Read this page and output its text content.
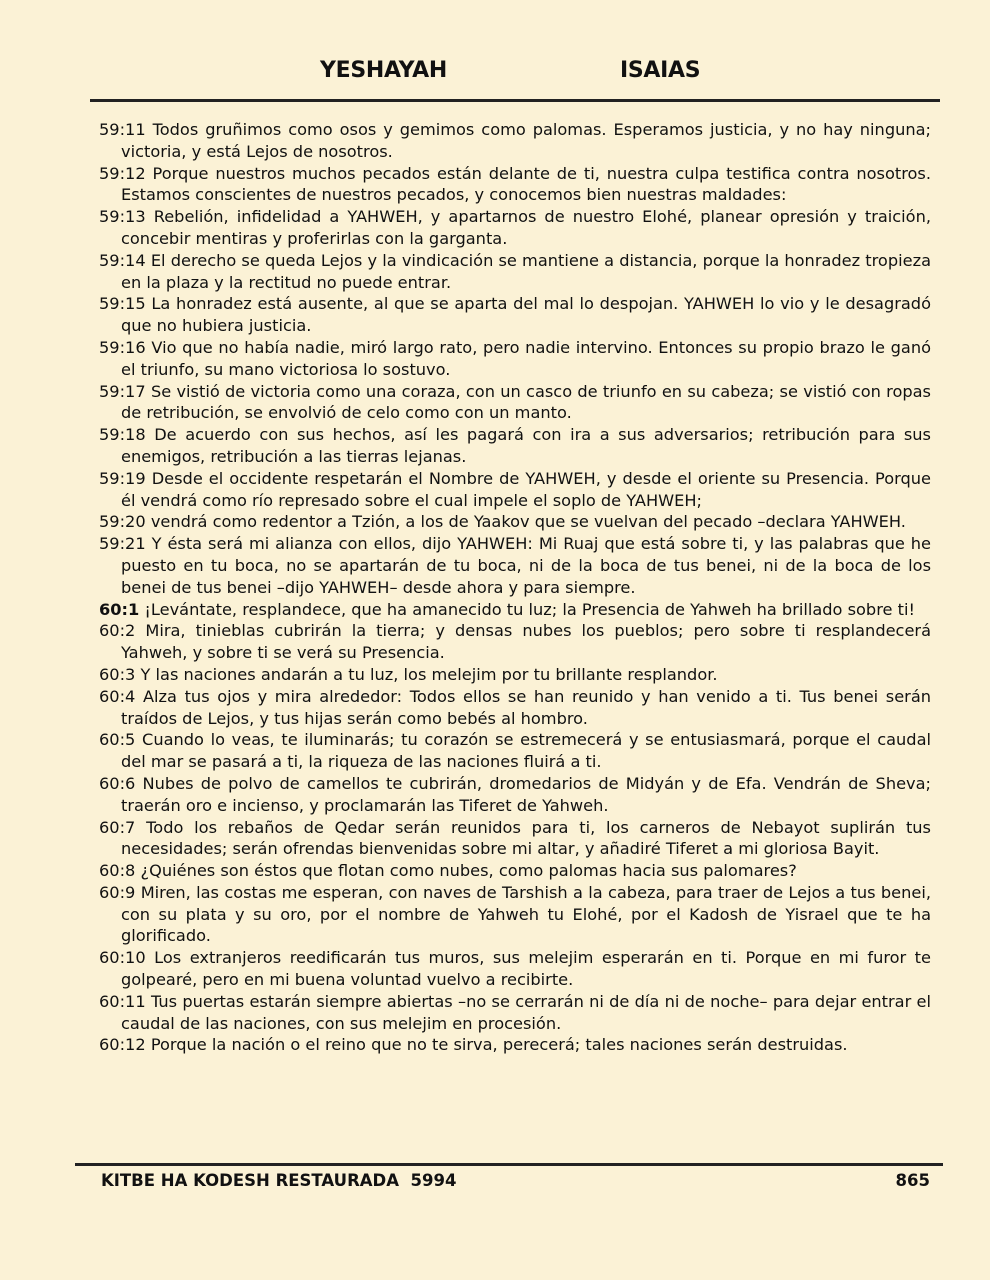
YESHAYAH	ISAIAS

59:11 Todos gruñimos como osos y gemimos como palomas. Esperamos justicia, y no hay ninguna; victoria, y está Lejos de nosotros.

59:12 Porque nuestros muchos pecados están delante de ti, nuestra culpa testifica contra nosotros. Estamos conscientes de nuestros pecados, y conocemos bien nuestras maldades:

59:13 Rebelión, infidelidad a YAHWEH, y apartarnos de nuestro Elohé, planear opresión y traición, concebir mentiras y proferirlas con la garganta.

59:14 El derecho se queda Lejos y la vindicación se mantiene a distancia, porque la honradez tropieza en la plaza y la rectitud no puede entrar.

59:15 La honradez está ausente, al que se aparta del mal lo despojan. YAHWEH lo vio y le desagradó que no hubiera justicia.

59:16 Vio que no había nadie, miró largo rato, pero nadie intervino. Entonces su propio brazo le ganó el triunfo, su mano victoriosa lo sostuvo.

59:17 Se vistió de victoria como una coraza, con un casco de triunfo en su cabeza; se vistió con ropas de retribución, se envolvió de celo como con un manto.

59:18 De acuerdo con sus hechos, así les pagará con ira a sus adversarios; retribución para sus enemigos, retribución a las tierras lejanas.

59:19 Desde el occidente respetarán el Nombre de YAHWEH, y desde el oriente su Presencia. Porque él vendrá como río represado sobre el cual impele el soplo de YAHWEH;

59:20 vendrá como redentor a Tzión, a los de Yaakov que se vuelvan del pecado –declara YAHWEH.

59:21 Y ésta será mi alianza con ellos, dijo YAHWEH: Mi Ruaj que está sobre ti, y las palabras que he puesto en tu boca, no se apartarán de tu boca, ni de la boca de tus benei, ni de la boca de los benei de tus benei –dijo YAHWEH– desde ahora y para siempre.

60:1 ¡Levántate, resplandece, que ha amanecido tu luz; la Presencia de Yahweh ha brillado sobre ti!

60:2 Mira, tinieblas cubrirán la tierra; y densas nubes los pueblos; pero sobre ti resplandecerá Yahweh, y sobre ti se verá su Presencia.

60:3 Y las naciones andarán a tu luz, los melejim por tu brillante resplandor.

60:4 Alza tus ojos y mira alrededor: Todos ellos se han reunido y han venido a ti. Tus benei serán traídos de Lejos, y tus hijas serán como bebés al hombro.

60:5 Cuando lo veas, te iluminarás; tu corazón se estremecerá y se entusiasmará, porque el caudal del mar se pasará a ti, la riqueza de las naciones fluirá a ti.

60:6 Nubes de polvo de camellos te cubrirán, dromedarios de Midyán y de Efa. Vendrán de Sheva; traerán oro e incienso, y proclamarán las Tiferet de Yahweh.

60:7 Todo los rebaños de Qedar serán reunidos para ti, los carneros de Nebayot suplirán tus necesidades; serán ofrendas bienvenidas sobre mi altar, y añadiré Tiferet a mi gloriosa Bayit.

60:8 ¿Quiénes son éstos que flotan como nubes, como palomas hacia sus palomares?

60:9 Miren, las costas me esperan, con naves de Tarshish a la cabeza, para traer de Lejos a tus benei, con su plata y su oro, por el nombre de Yahweh tu Elohé, por el Kadosh de Yisrael que te ha glorificado.

60:10 Los extranjeros reedificarán tus muros, sus melejim esperarán en ti. Porque en mi furor te golpearé, pero en mi buena voluntad vuelvo a recibirte.

60:11 Tus puertas estarán siempre abiertas –no se cerrarán ni de día ni de noche– para dejar entrar el caudal de las naciones, con sus melejim en procesión.

60:12 Porque la nación o el reino que no te sirva, perecerá; tales naciones serán destruidas.

KITBE HA KODESH RESTAURADA  5994	865
